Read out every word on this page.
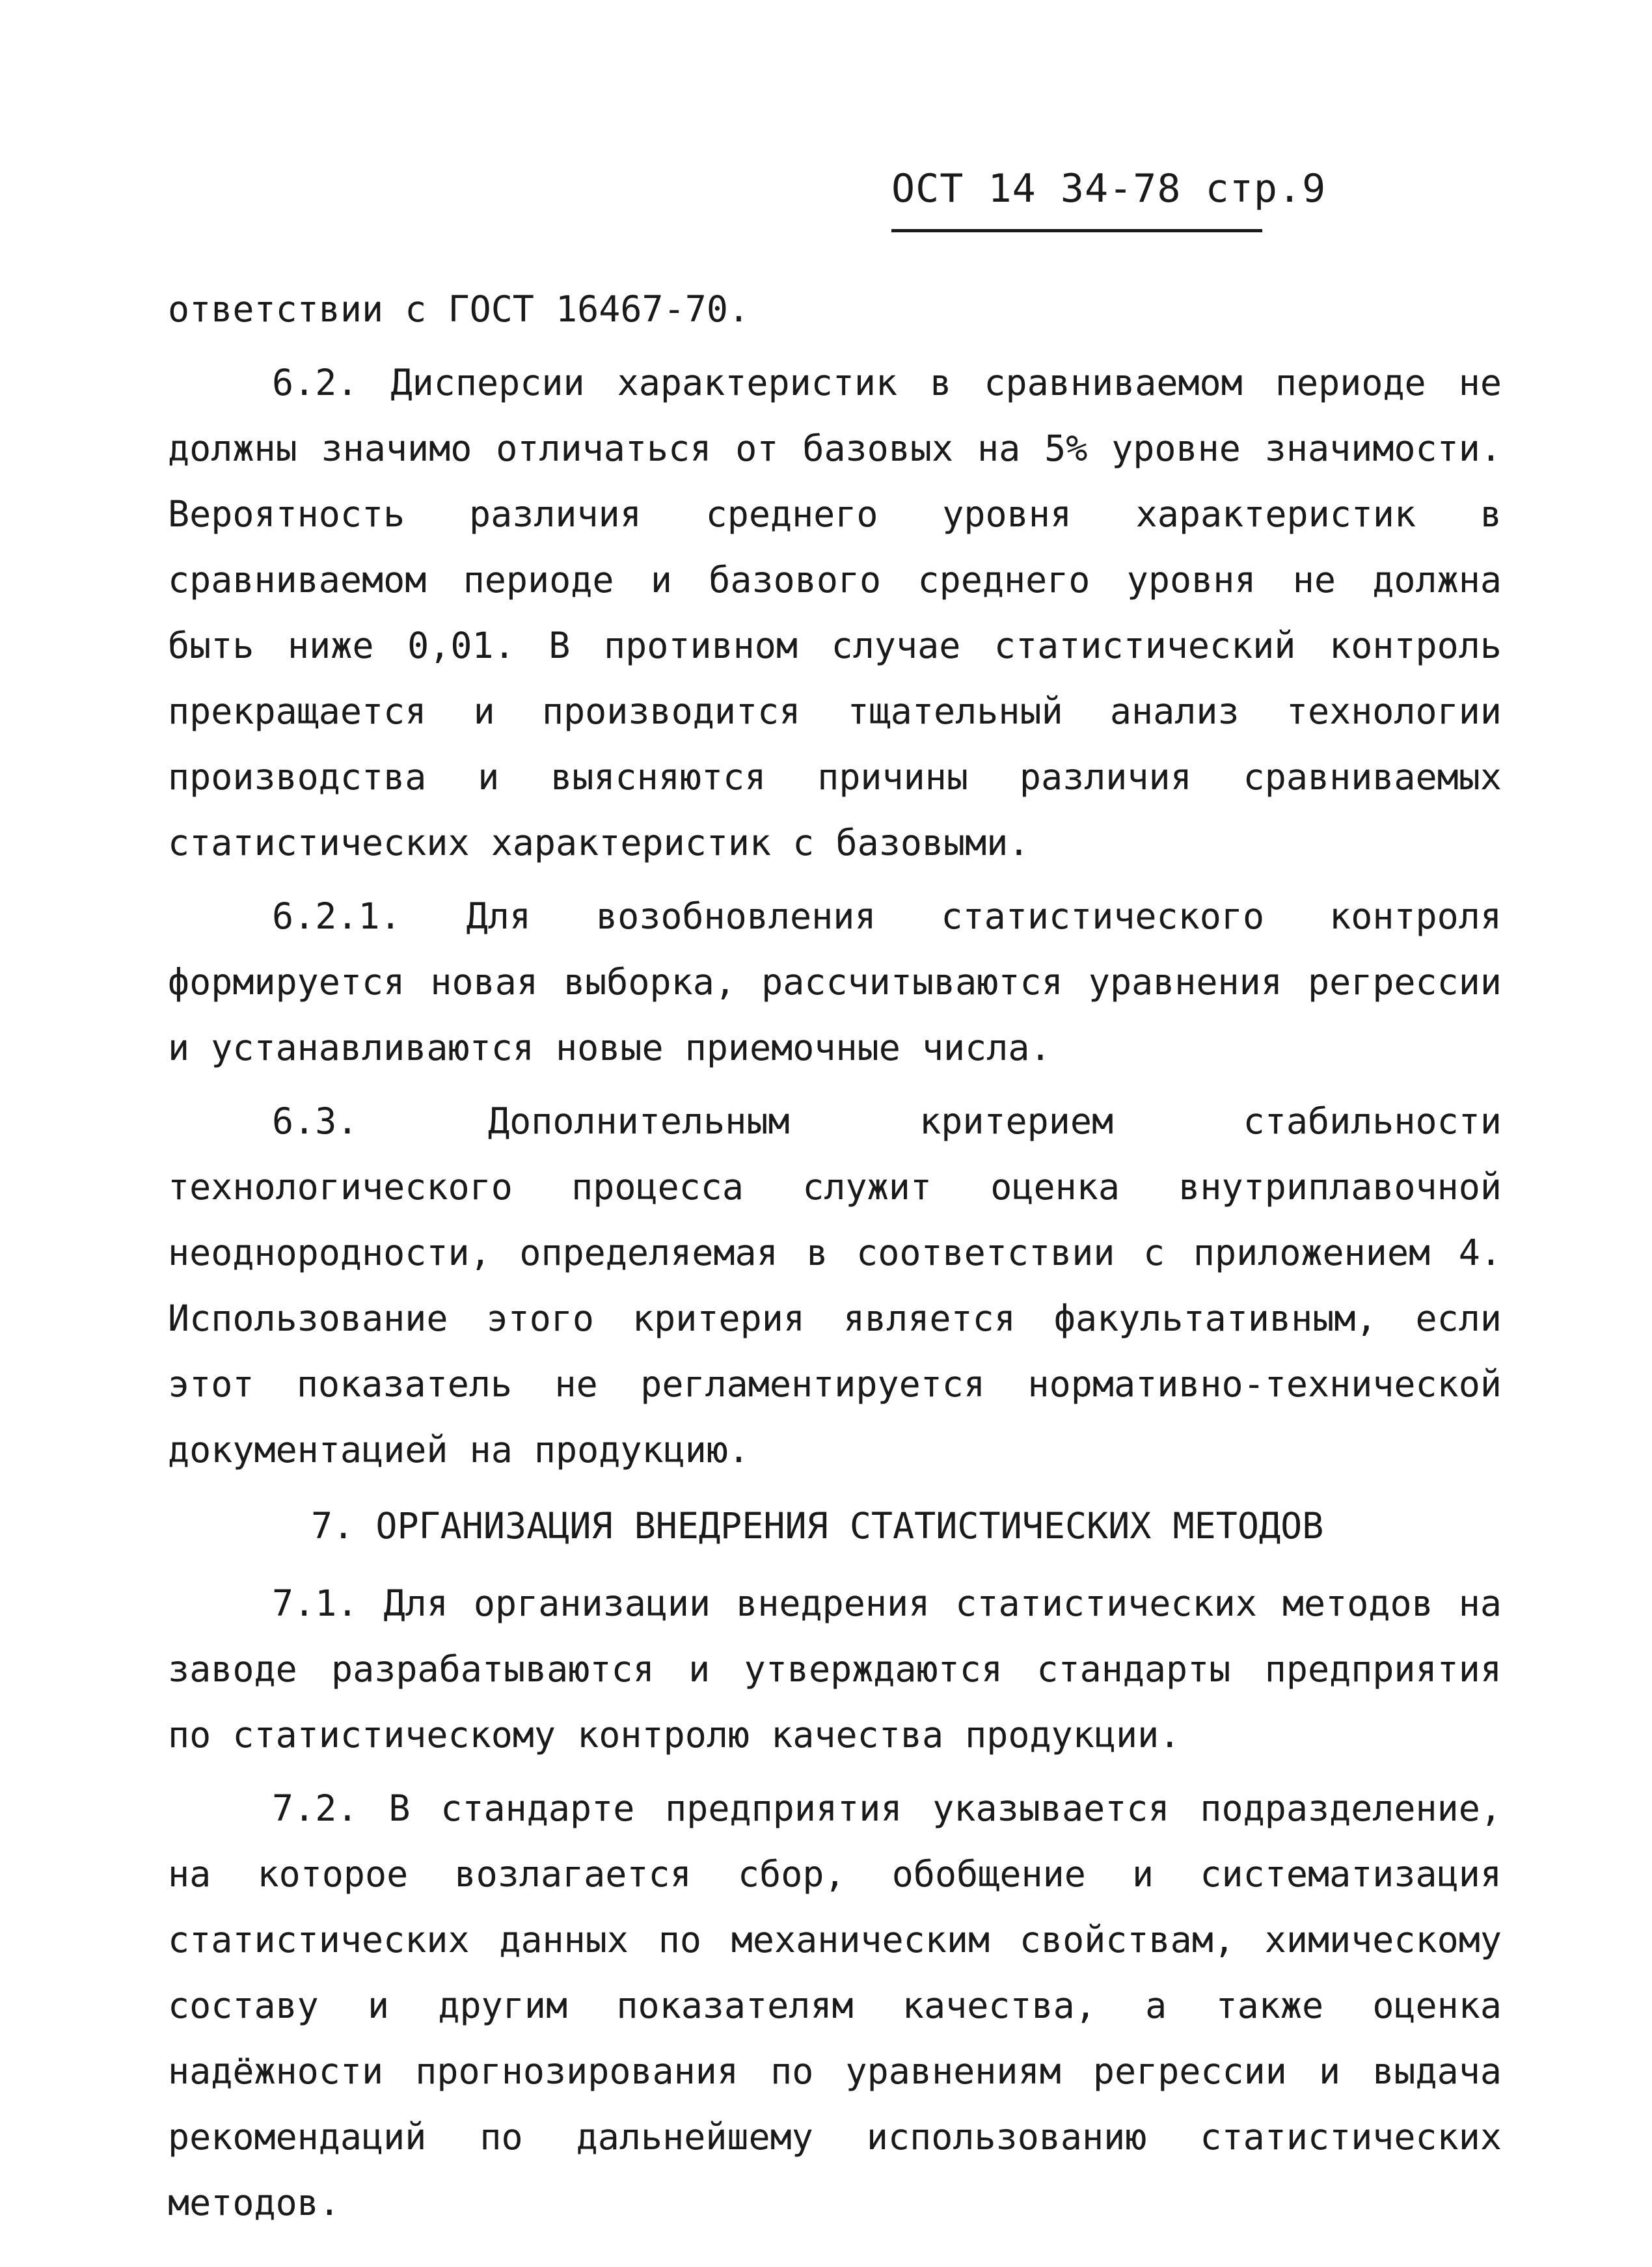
ОСТ 14 34-78 стр.9

ответствии с ГОСТ 16467-70.

6.2. Дисперсии характеристик в сравниваемом периоде не должны значимо отличаться от базовых на 5% уровне значимости. Вероятность различия среднего уровня характеристик в сравниваемом периоде и базового среднего уровня не должна быть ниже 0,01. В противном случае статистический контроль прекращается и производится тщательный анализ технологии производства и выясняются причины различия сравниваемых статистических характеристик с базовыми.

6.2.1. Для возобновления статистического контроля формируется новая выборка, рассчитываются уравнения регрессии и устанавливаются новые приемочные числа.

6.3. Дополнительным критерием стабильности технологического процесса служит оценка внутриплавочной неоднородности, определяемая в соответствии с приложением 4. Использование этого критерия является факультативным, если этот показатель не регламентируется нормативно-технической документацией на продукцию.

7. ОРГАНИЗАЦИЯ ВНЕДРЕНИЯ СТАТИСТИЧЕСКИХ МЕТОДОВ

7.1. Для организации внедрения статистических методов на заводе разрабатываются и утверждаются стандарты предприятия по статистическому контролю качества продукции.

7.2. В стандарте предприятия указывается подразделение, на которое возлагается сбор, обобщение и систематизация статистических данных по механическим свойствам, химическому составу и другим показателям качества, а также оценка надёжности прогнозирования по уравнениям регрессии и выдача рекомендаций по дальнейшему использованию статистических методов.
